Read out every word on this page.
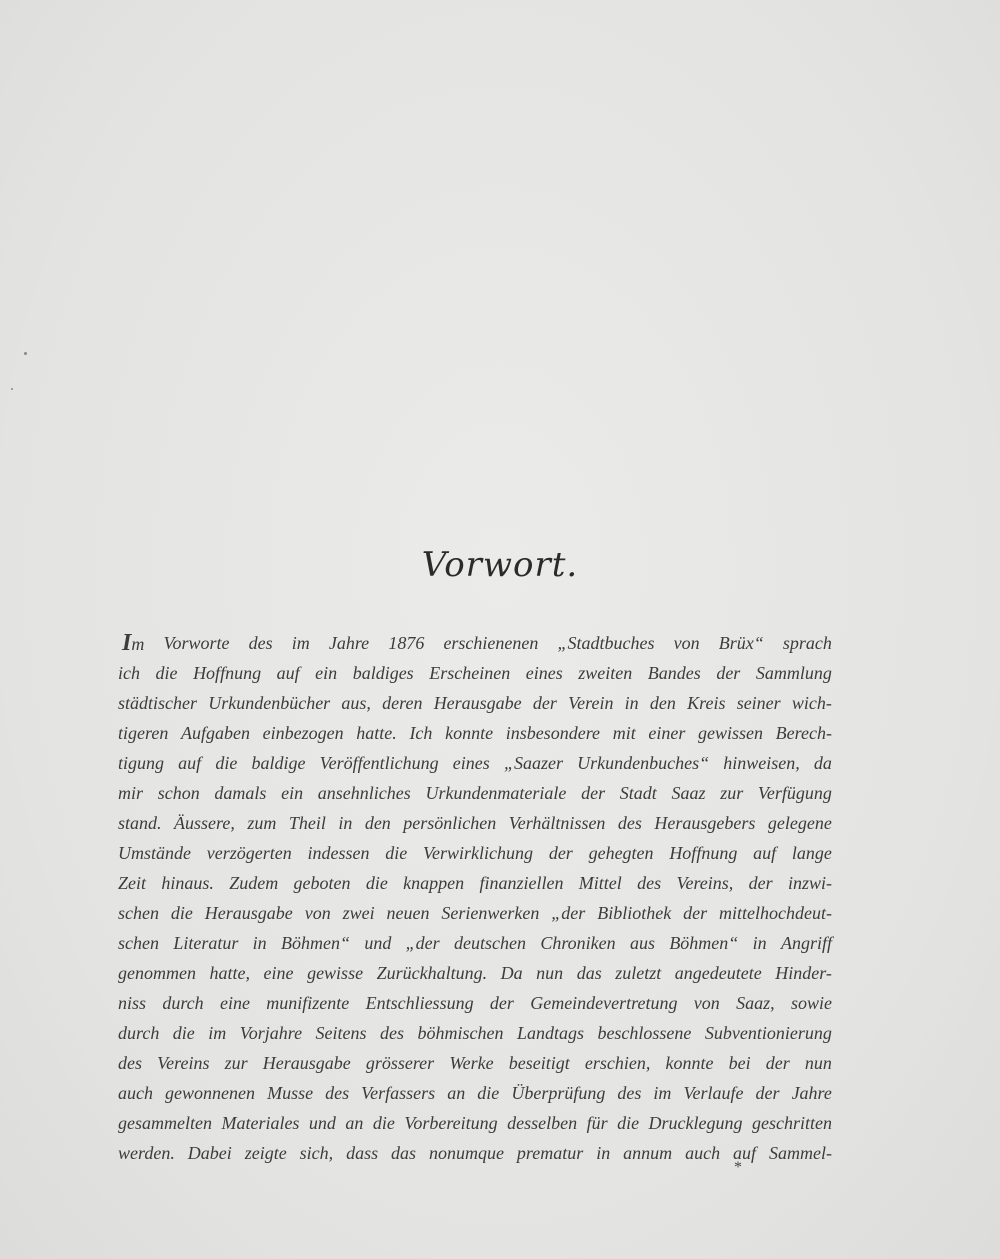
Vorwort.
Im Vorworte des im Jahre 1876 erschienenen „Stadtbuches von Brüx“ sprach
ich die Hoffnung auf ein baldiges Erscheinen eines zweiten Bandes der Sammlung
städtischer Urkundenbücher aus, deren Herausgabe der Verein in den Kreis seiner wich-
tigeren Aufgaben einbezogen hatte. Ich konnte insbesondere mit einer gewissen Berech-
tigung auf die baldige Veröffentlichung eines „Saazer Urkundenbuches“ hinweisen, da
mir schon damals ein ansehnliches Urkundenmateriale der Stadt Saaz zur Verfügung
stand. Äussere, zum Theil in den persönlichen Verhältnissen des Herausgebers gelegene
Umstände verzögerten indessen die Verwirklichung der gehegten Hoffnung auf lange
Zeit hinaus. Zudem geboten die knappen finanziellen Mittel des Vereins, der inzwi-
schen die Herausgabe von zwei neuen Serienwerken „der Bibliothek der mittelhochdeut-
schen Literatur in Böhmen“ und „der deutschen Chroniken aus Böhmen“ in Angriff
genommen hatte, eine gewisse Zurückhaltung. Da nun das zuletzt angedeutete Hinder-
niss durch eine munifizente Entschliessung der Gemeindevertretung von Saaz, sowie
durch die im Vorjahre Seitens des böhmischen Landtags beschlossene Subventionierung
des Vereins zur Herausgabe grösserer Werke beseitigt erschien, konnte bei der nun
auch gewonnenen Musse des Verfassers an die Überprüfung des im Verlaufe der Jahre
gesammelten Materiales und an die Vorbereitung desselben für die Drucklegung geschritten
werden. Dabei zeigte sich, dass das nonumque prematur in annum auch auf Sammel-
*
